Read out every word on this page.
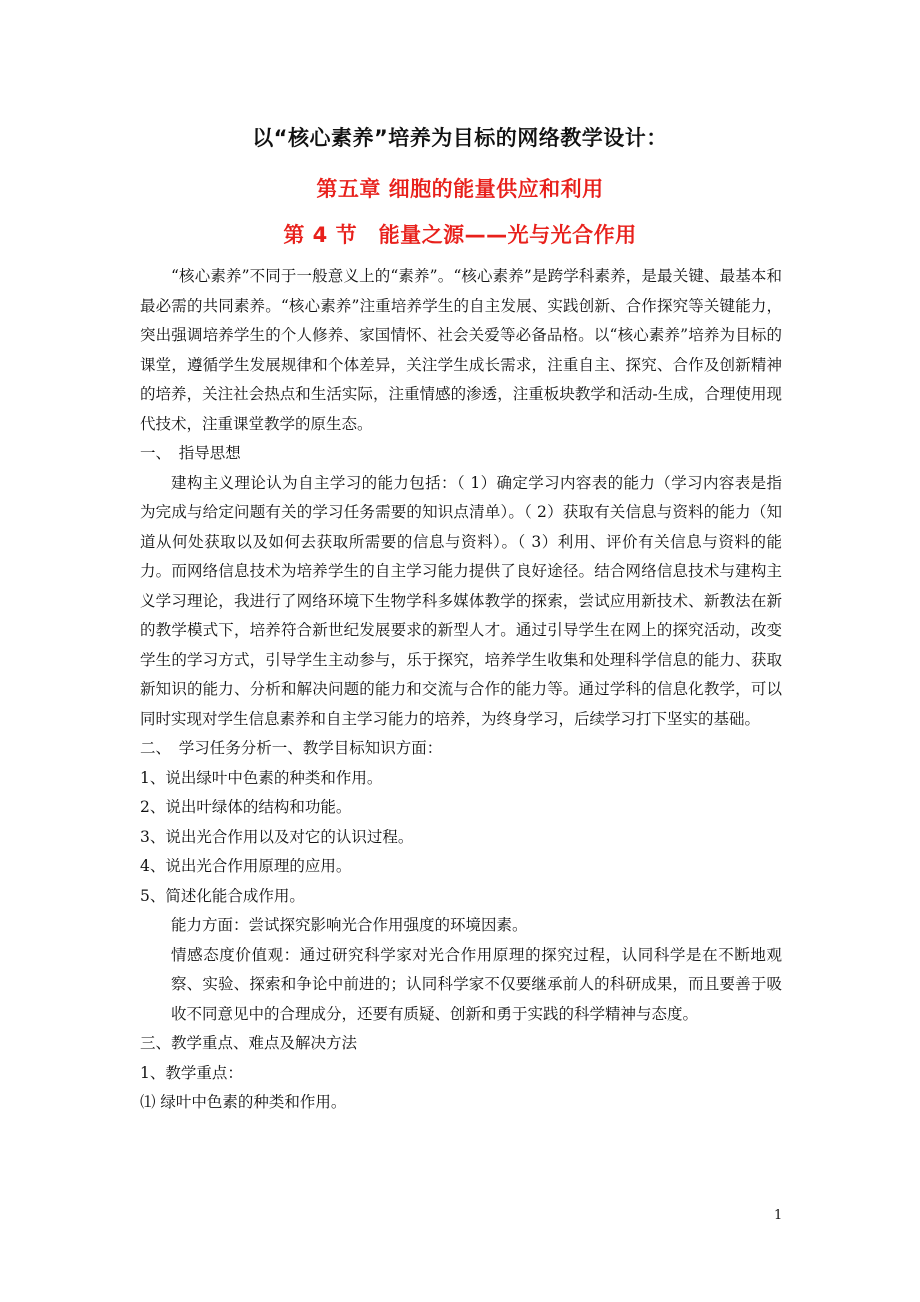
以“核心素养”培养为目标的网络教学设计：
第五章 细胞的能量供应和利用
第 4 节　能量之源——光与光合作用

“核心素养”不同于一般意义上的“素养”。“核心素养”是跨学科素养，是最关键、最基本和最必需的共同素养。“核心素养”注重培养学生的自主发展、实践创新、合作探究等关键能力，突出强调培养学生的个人修养、家国情怀、社会关爱等必备品格。以“核心素养”培养为目标的课堂，遵循学生发展规律和个体差异，关注学生成长需求，注重自主、探究、合作及创新精神的培养，关注社会热点和生活实际，注重情感的渗透，注重板块教学和活动-生成，合理使用现代技术，注重课堂教学的原生态。

一、　指导思想

建构主义理论认为自主学习的能力包括：（ 1）确定学习内容表的能力（学习内容表是指为完成与给定问题有关的学习任务需要的知识点清单）。（ 2）获取有关信息与资料的能力（知道从何处获取以及如何去获取所需要的信息与资料）。（ 3）利用、评价有关信息与资料的能力。而网络信息技术为培养学生的自主学习能力提供了良好途径。结合网络信息技术与建构主义学习理论，我进行了网络环境下生物学科多媒体教学的探索，尝试应用新技术、新教法在新的教学模式下，培养符合新世纪发展要求的新型人才。通过引导学生在网上的探究活动，改变学生的学习方式，引导学生主动参与，乐于探究，培养学生收集和处理科学信息的能力、获取新知识的能力、分析和解决问题的能力和交流与合作的能力等。通过学科的信息化教学，可以同时实现对学生信息素养和自主学习能力的培养，为终身学习，后续学习打下坚实的基础。

二、　学习任务分析一、教学目标知识方面：

1、说出绿叶中色素的种类和作用。

2、说出叶绿体的结构和功能。

3、说出光合作用以及对它的认识过程。

4、说出光合作用原理的应用。

5、简述化能合成作用。

能力方面：尝试探究影响光合作用强度的环境因素。

情感态度价值观：通过研究科学家对光合作用原理的探究过程，认同科学是在不断地观察、实验、探索和争论中前进的；认同科学家不仅要继承前人的科研成果，而且要善于吸收不同意见中的合理成分，还要有质疑、创新和勇于实践的科学精神与态度。

三、教学重点、难点及解决方法

1、教学重点：

⑴ 绿叶中色素的种类和作用。

1
